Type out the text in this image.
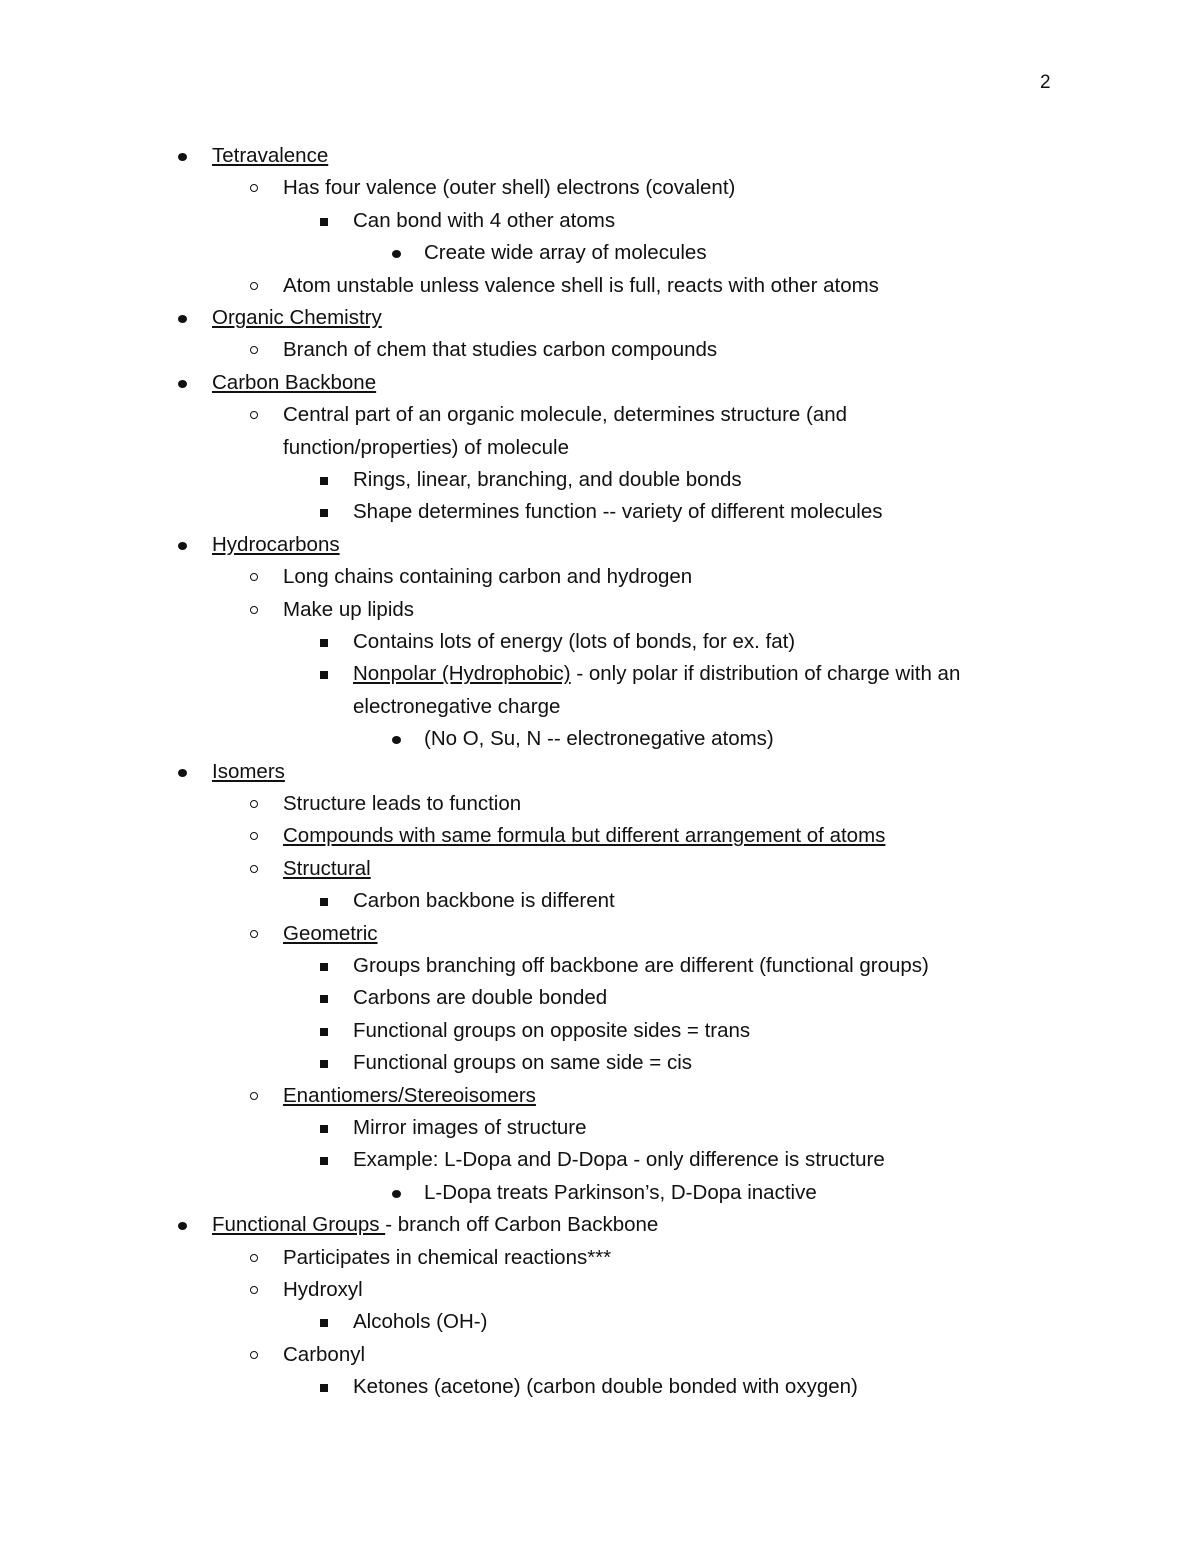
2
Tetravalence
Has four valence (outer shell) electrons (covalent)
Can bond with 4 other atoms
Create wide array of molecules
Atom unstable unless valence shell is full, reacts with other atoms
Organic Chemistry
Branch of chem that studies carbon compounds
Carbon Backbone
Central part of an organic molecule, determines structure (and
function/properties) of molecule
Rings, linear, branching, and double bonds
Shape determines function -- variety of different molecules
Hydrocarbons
Long chains containing carbon and hydrogen
Make up lipids
Contains lots of energy (lots of bonds, for ex. fat)
Nonpolar (Hydrophobic) - only polar if distribution of charge with an
electronegative charge
(No O, Su, N -- electronegative atoms)
Isomers
Structure leads to function
Compounds with same formula but different arrangement of atoms
Structural
Carbon backbone is different
Geometric
Groups branching off backbone are different (functional groups)
Carbons are double bonded
Functional groups on opposite sides = trans
Functional groups on same side = cis
Enantiomers/Stereoisomers
Mirror images of structure
Example: L-Dopa and D-Dopa - only difference is structure
L-Dopa treats Parkinson’s, D-Dopa inactive
Functional Groups - branch off Carbon Backbone
Participates in chemical reactions***
Hydroxyl
Alcohols (OH-)
Carbonyl
Ketones (acetone) (carbon double bonded with oxygen)
